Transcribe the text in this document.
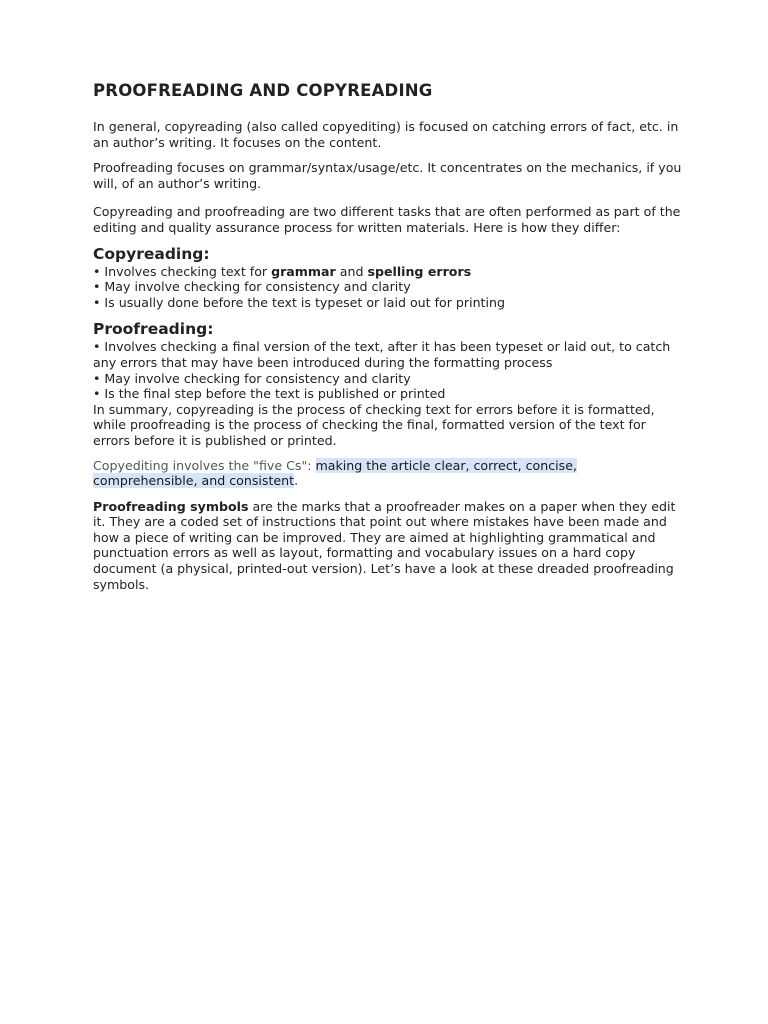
PROOFREADING AND COPYREADING

In general, copyreading (also called copyediting) is focused on catching errors of fact, etc. in an author’s writing. It focuses on the content.

Proofreading focuses on grammar/syntax/usage/etc. It concentrates on the mechanics, if you will, of an author’s writing.

Copyreading and proofreading are two different tasks that are often performed as part of the editing and quality assurance process for written materials. Here is how they differ:

Copyreading:
• Involves checking text for grammar and spelling errors
• May involve checking for consistency and clarity
• Is usually done before the text is typeset or laid out for printing
Proofreading:
• Involves checking a final version of the text, after it has been typeset or laid out, to catch any errors that may have been introduced during the formatting process
• May involve checking for consistency and clarity
• Is the final step before the text is published or printed

In summary, copyreading is the process of checking text for errors before it is formatted, while proofreading is the process of checking the final, formatted version of the text for errors before it is published or printed.

Copyediting involves the "five Cs": making the article clear, correct, concise, comprehensible, and consistent.

Proofreading symbols are the marks that a proofreader makes on a paper when they edit it. They are a coded set of instructions that point out where mistakes have been made and how a piece of writing can be improved. They are aimed at highlighting grammatical and punctuation errors as well as layout, formatting and vocabulary issues on a hard copy document (a physical, printed-out version). Let’s have a look at these dreaded proofreading symbols.
